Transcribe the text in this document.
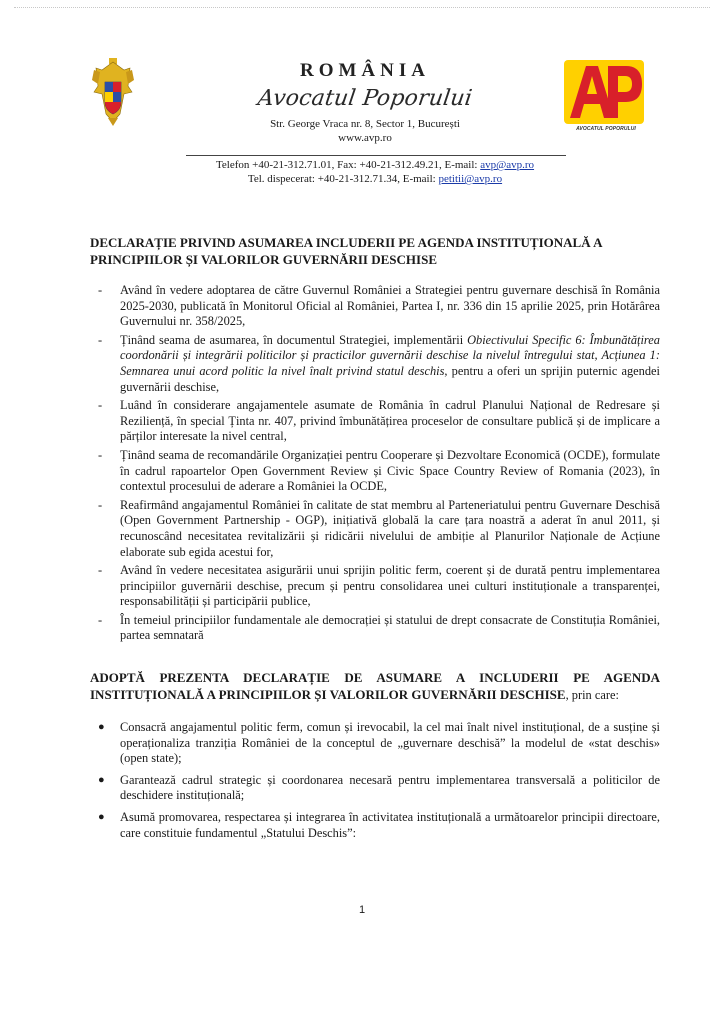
ROMÂNIA

Avocatul Poporului

Str. George Vraca nr. 8, Sector 1, București

www.avp.ro

AVOCATUL POPORULUI
Telefon +40-21-312.71.01, Fax: +40-21-312.49.21, E-mail: avp@avp.ro
Tel. dispecerat: +40-21-312.71.34, E-mail: petitii@avp.ro

DECLARAȚIE PRIVIND ASUMAREA INCLUDERII PE AGENDA INSTITUȚIONALĂ A PRINCIPIILOR ȘI VALORILOR GUVERNĂRII DESCHISE

- Având în vedere adoptarea de către Guvernul României a Strategiei pentru guvernare deschisă în România 2025-2030, publicată în Monitorul Oficial al României, Partea I, nr. 336 din 15 aprilie 2025, prin Hotărârea Guvernului nr. 358/2025,
- Ținând seama de asumarea, în documentul Strategiei, implementării Obiectivului Specific 6: Îmbunătățirea coordonării și integrării politicilor și practicilor guvernării deschise la nivelul întregului stat, Acțiunea 1: Semnarea unui acord politic la nivel înalt privind statul deschis, pentru a oferi un sprijin puternic agendei guvernării deschise,
- Luând în considerare angajamentele asumate de România în cadrul Planului Național de Redresare și Reziliență, în special Ținta nr. 407, privind îmbunătățirea proceselor de consultare publică și de implicare a părților interesate la nivel central,
- Ținând seama de recomandările Organizației pentru Cooperare și Dezvoltare Economică (OCDE), formulate în cadrul rapoartelor Open Government Review și Civic Space Country Review of Romania (2023), în contextul procesului de aderare a României la OCDE,
- Reafirmând angajamentul României în calitate de stat membru al Parteneriatului pentru Guvernare Deschisă (Open Government Partnership - OGP), inițiativă globală la care țara noastră a aderat în anul 2011, și recunoscând necesitatea revitalizării și ridicării nivelului de ambiție al Planurilor Naționale de Acțiune elaborate sub egida acestui for,
- Având în vedere necesitatea asigurării unui sprijin politic ferm, coerent și de durată pentru implementarea principiilor guvernării deschise, precum și pentru consolidarea unei culturi instituționale a transparenței, responsabilității și participării publice,
- În temeiul principiilor fundamentale ale democrației și statului de drept consacrate de Constituția României, partea semnatară

ADOPTĂ PREZENTA DECLARAȚIE DE ASUMARE A INCLUDERII PE AGENDA INSTITUȚIONALĂ A PRINCIPIILOR ȘI VALORILOR GUVERNĂRII DESCHISE, prin care:

● Consacră angajamentul politic ferm, comun și irevocabil, la cel mai înalt nivel instituțional, de a susține și operaționaliza tranziția României de la conceptul de „guvernare deschisă” la modelul de «stat deschis» (open state);
● Garantează cadrul strategic și coordonarea necesară pentru implementarea transversală a politicilor de deschidere instituțională;
● Asumă promovarea, respectarea și integrarea în activitatea instituțională a următoarelor principii directoare, care constituie fundamentul „Statului Deschis”:
1
